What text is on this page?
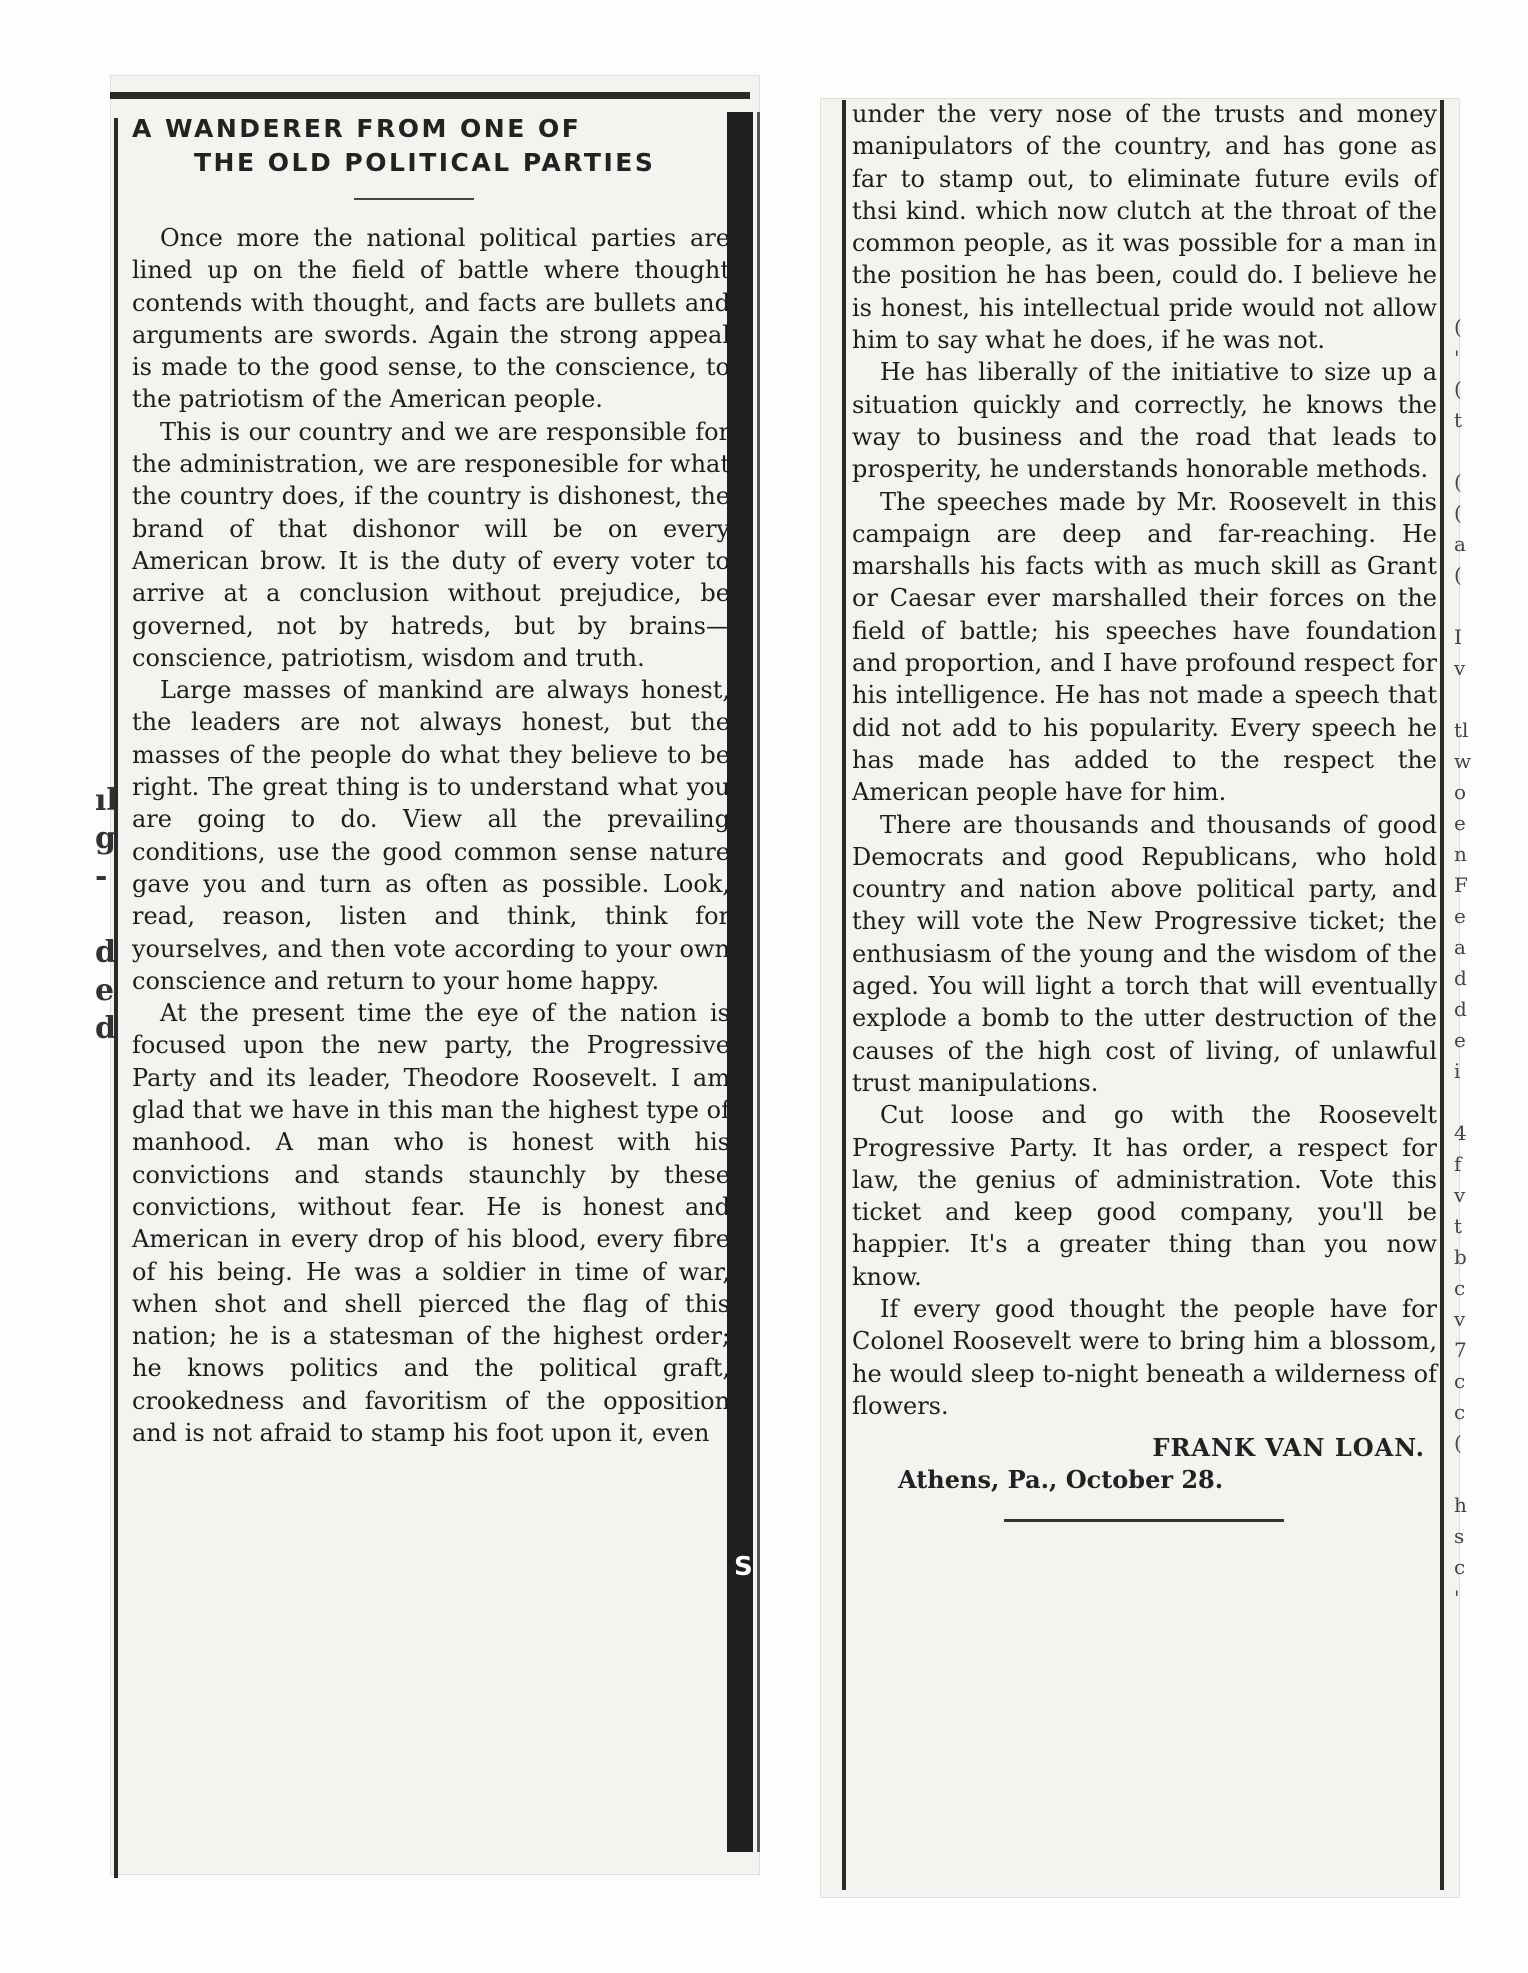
S
ıl
g
-

d
e
d
(
'
(
t

(
(
a
(

I
v

tl
w
o
e
n
F
e
a
d
d
e
i

4
f
v
t
b
c
v
7
c
c
(

h
s
c
'
A WANDERER FROM ONE OF
THE OLD POLITICAL PARTIES

Once more the national political parties are lined up on the field of battle where thought contends with thought, and facts are bullets and arguments are swords. Again the strong appeal is made to the good sense, to the conscience, to the patriotism of the American people.

This is our country and we are responsible for the administration, we are responesible for what the country does, if the country is dishonest, the brand of that dishonor will be on every American brow. It is the duty of every voter to arrive at a conclusion without prejudice, be governed, not by hatreds, but by brains—conscience, patriotism, wisdom and truth.

Large masses of mankind are always honest, the leaders are not always honest, but the masses of the people do what they believe to be right. The great thing is to understand what you are going to do. View all the prevailing conditions, use the good common sense nature gave you and turn as often as possible. Look, read, reason, listen and think, think for yourselves, and then vote according to your own conscience and return to your home happy.

At the present time the eye of the nation is focused upon the new party, the Progressive Party and its leader, Theodore Roosevelt. I am glad that we have in this man the highest type of manhood. A man who is honest with his convictions and stands staunchly by these convictions, without fear. He is honest and American in every drop of his blood, every fibre of his being. He was a soldier in time of war, when shot and shell pierced the flag of this nation; he is a statesman of the highest order; he knows politics and the political graft, crookedness and favoritism of the opposition and is not afraid to stamp his foot upon it, even

under the very nose of the trusts and money manipulators of the country, and has gone as far to stamp out, to eliminate future evils of thsi kind. which now clutch at the throat of the common people, as it was possible for a man in the position he has been, could do. I believe he is honest, his intellectual pride would not allow him to say what he does, if he was not.

He has liberally of the initiative to size up a situation quickly and correctly, he knows the way to business and the road that leads to prosperity, he understands honorable methods.

The speeches made by Mr. Roosevelt in this campaign are deep and far-reaching. He marshalls his facts with as much skill as Grant or Caesar ever marshalled their forces on the field of battle; his speeches have foundation and proportion, and I have profound respect for his intelligence. He has not made a speech that did not add to his popularity. Every speech he has made has added to the respect the American people have for him.

There are thousands and thousands of good Democrats and good Republicans, who hold country and nation above political party, and they will vote the New Progressive ticket; the enthusiasm of the young and the wisdom of the aged. You will light a torch that will eventually explode a bomb to the utter destruction of the causes of the high cost of living, of unlawful trust manipulations.

Cut loose and go with the Roosevelt Progressive Party. It has order, a respect for law, the genius of administration. Vote this ticket and keep good company, you'll be happier. It's a greater thing than you now know.

If every good thought the people have for Colonel Roosevelt were to bring him a blossom, he would sleep to-night beneath a wilderness of flowers.

FRANK VAN LOAN.

Athens, Pa., October 28.
